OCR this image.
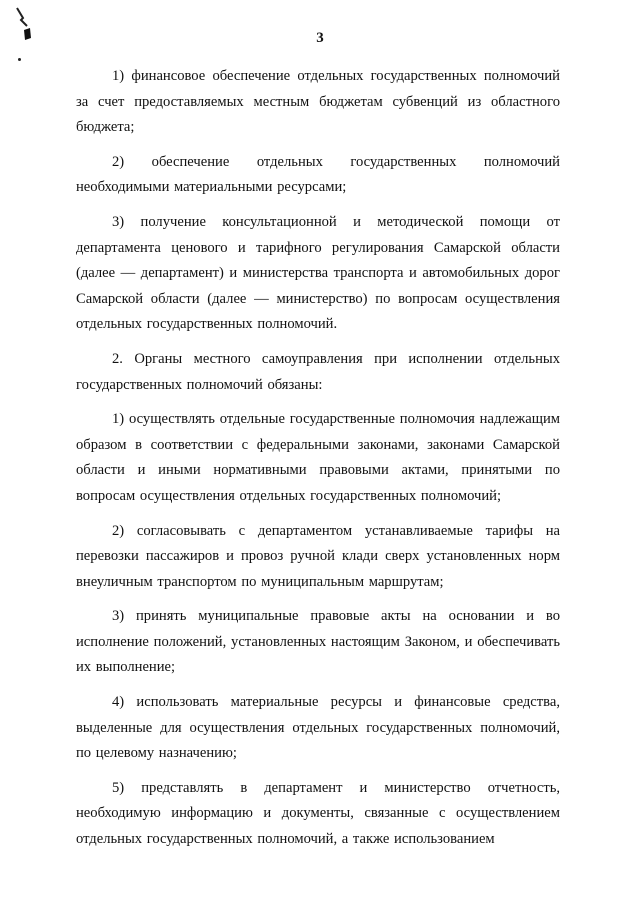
3

1) финансовое обеспечение отдельных государственных полномочий за счет предоставляемых местным бюджетам субвенций из областного бюджета;

2) обеспечение отдельных государственных полномочий необходимыми материальными ресурсами;

3) получение консультационной и методической помощи от департамента ценового и тарифного регулирования Самарской области (далее — департамент) и министерства транспорта и автомобильных дорог Самарской области (далее — министерство) по вопросам осуществления отдельных государственных полномочий.

2. Органы местного самоуправления при исполнении отдельных государственных полномочий обязаны:

1) осуществлять отдельные государственные полномочия надлежащим образом в соответствии с федеральными законами, законами Самарской области и иными нормативными правовыми актами, принятыми по вопросам осуществления отдельных государственных полномочий;

2) согласовывать с департаментом устанавливаемые тарифы на перевозки пассажиров и провоз ручной клади сверх установленных норм внеуличным транспортом по муниципальным маршрутам;

3) принять муниципальные правовые акты на основании и во исполнение положений, установленных настоящим Законом, и обеспечивать их выполнение;

4) использовать материальные ресурсы и финансовые средства, выделенные для осуществления отдельных государственных полномочий, по целевому назначению;

5) представлять в департамент и министерство отчетность, необходимую информацию и документы, связанные с осуществлением отдельных государственных полномочий, а также использованием
